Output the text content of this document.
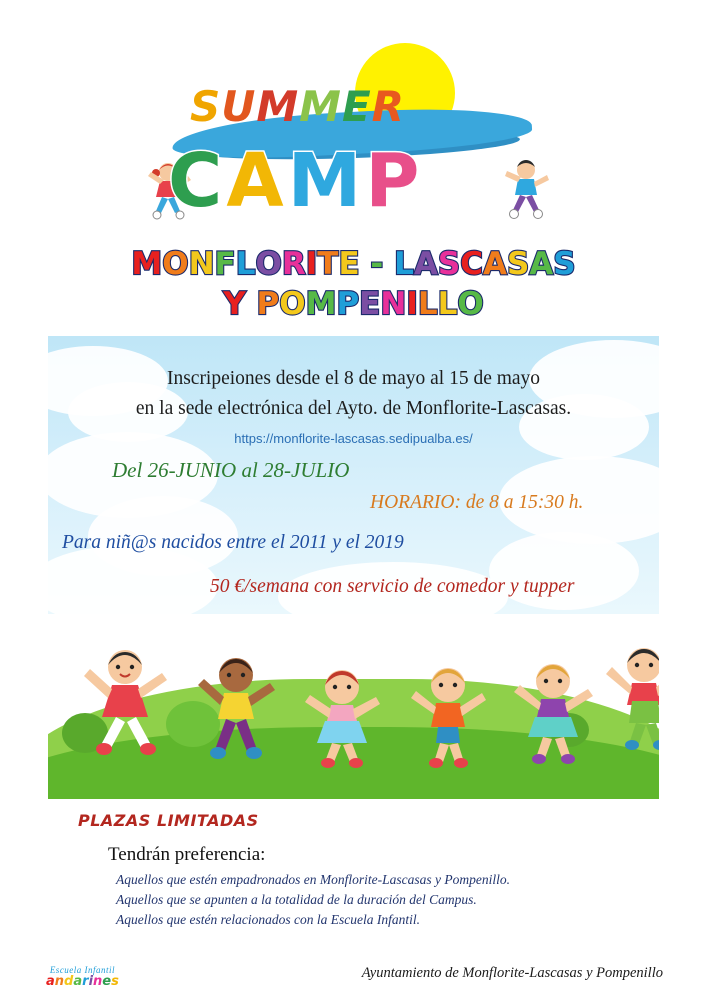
SUMMER
CAMP
MONFLORITE - LASCASAS
Y POMPENILLO
Inscripeiones desde el 8 de mayo al 15 de mayo
en la sede electrónica del Ayto. de Monflorite-Lascasas.
https://monflorite-lascasas.sedipualba.es/
Del 26-JUNIO al 28-JULIO
HORARIO: de 8 a 15:30 h.
Para niñ@s nacidos entre el 2011 y el 2019
50 €/semana con servicio de comedor y tupper
PLAZAS LIMITADAS
Tendrán preferencia:
Aquellos que estén empadronados en Monflorite-Lascasas y Pompenillo.
Aquellos que se apunten a la totalidad de la duración del Campus.
Aquellos que estén relacionados con la Escuela Infantil.
Escuela Infantil
andarines
Ayuntamiento de Monflorite-Lascasas y Pompenillo
